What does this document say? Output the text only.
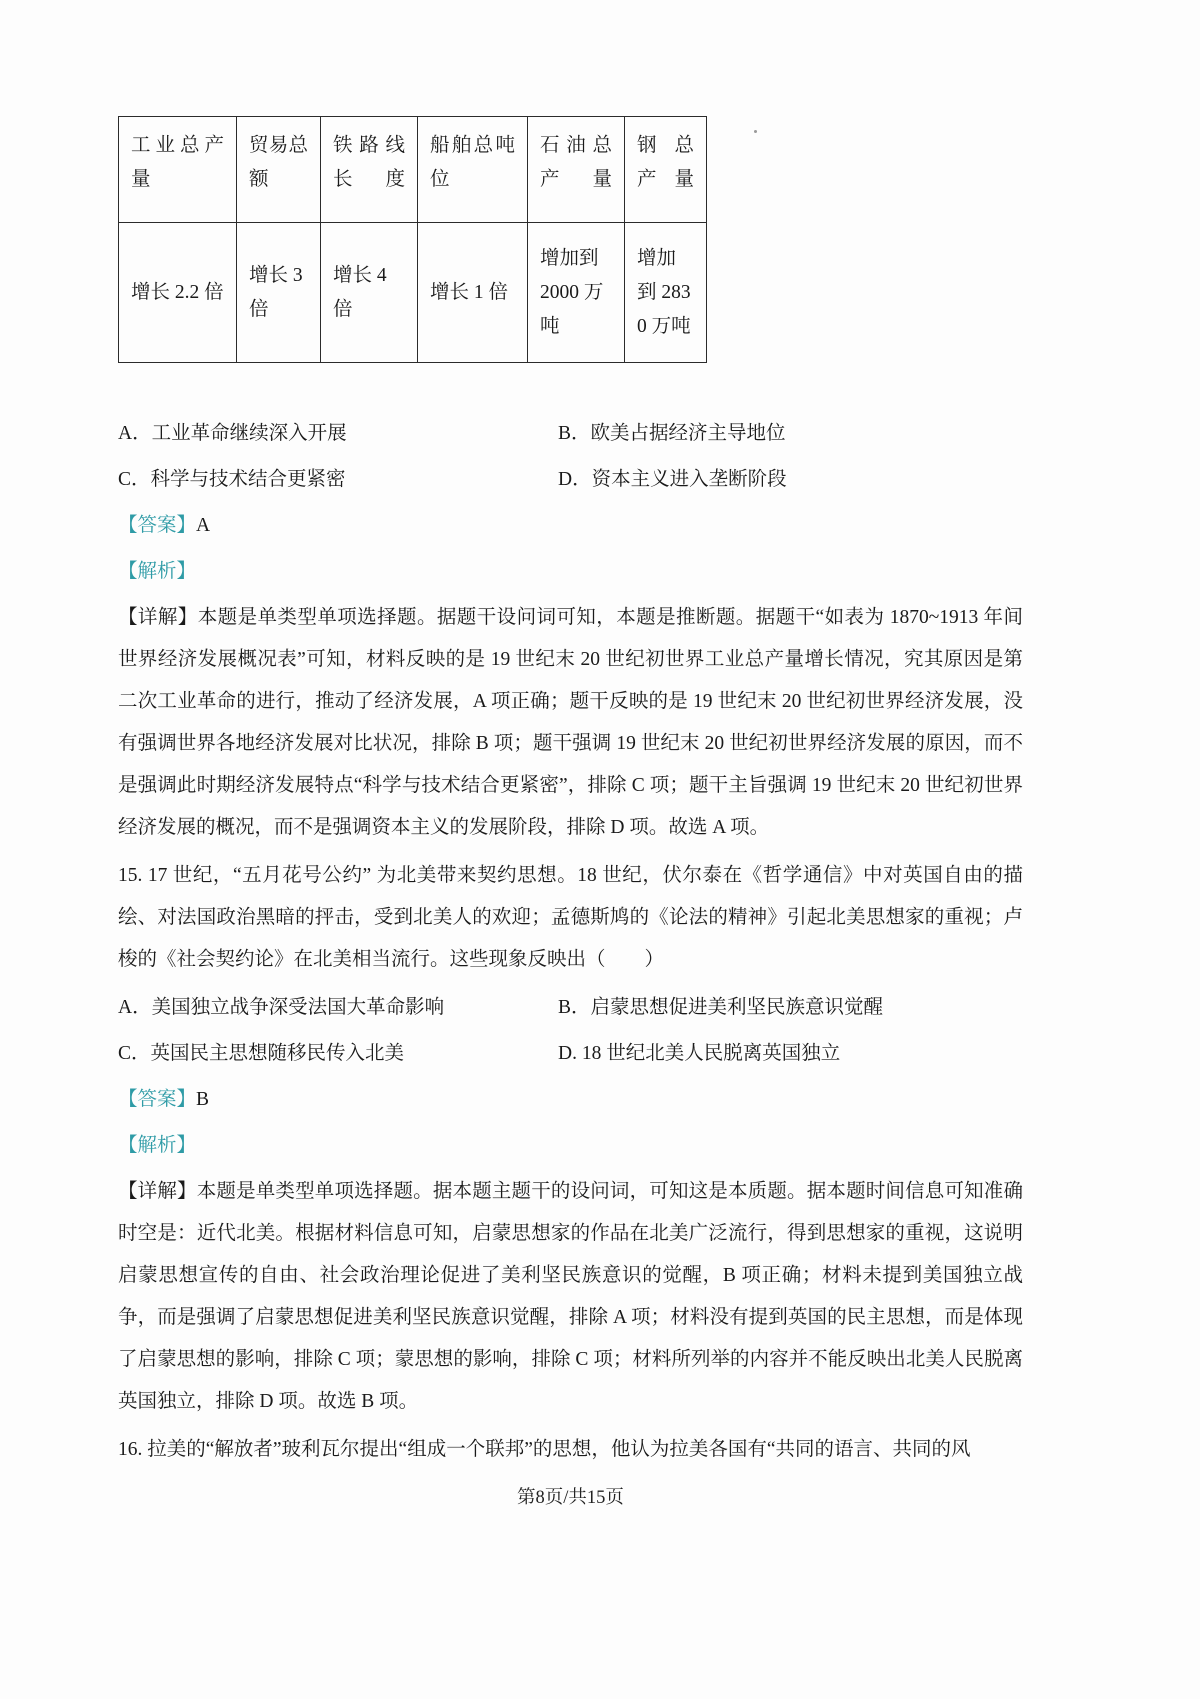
工业总产量	贸易总额	铁路线长度	船舶总吨位	石油总产量	钢总产量
增长 2.2 倍	增长 3 倍	增长 4 倍	增长 1 倍	增加到 2000 万吨	增加到 2830 万吨
A．工业革命继续深入开展	B．欧美占据经济主导地位
C．科学与技术结合更紧密	D．资本主义进入垄断阶段
【答案】A
【解析】

【详解】本题是单类型单项选择题。据题干设问词可知，本题是推断题。据题干“如表为 1870~1913 年间世界经济发展概况表”可知，材料反映的是 19 世纪末 20 世纪初世界工业总产量增长情况，究其原因是第二次工业革命的进行，推动了经济发展，A 项正确；题干反映的是 19 世纪末 20 世纪初世界经济发展，没有强调世界各地经济发展对比状况，排除 B 项；题干强调 19 世纪末 20 世纪初世界经济发展的原因，而不是强调此时期经济发展特点“科学与技术结合更紧密”，排除 C 项；题干主旨强调 19 世纪末 20 世纪初世界经济发展的概况，而不是强调资本主义的发展阶段，排除 D 项。故选 A 项。

15. 17 世纪，“五月花号公约” 为北美带来契约思想。18 世纪，伏尔泰在《哲学通信》中对英国自由的描绘、对法国政治黑暗的抨击，受到北美人的欢迎；孟德斯鸠的《论法的精神》引起北美思想家的重视；卢梭的《社会契约论》在北美相当流行。这些现象反映出（　　）

A．美国独立战争深受法国大革命影响	B．启蒙思想促进美利坚民族意识觉醒
C．英国民主思想随移民传入北美	D. 18 世纪北美人民脱离英国独立
【答案】B
【解析】

【详解】本题是单类型单项选择题。据本题主题干的设问词，可知这是本质题。据本题时间信息可知准确时空是：近代北美。根据材料信息可知，启蒙思想家的作品在北美广泛流行，得到思想家的重视，这说明启蒙思想宣传的自由、社会政治理论促进了美利坚民族意识的觉醒，B 项正确；材料未提到美国独立战争，而是强调了启蒙思想促进美利坚民族意识觉醒，排除 A 项；材料没有提到英国的民主思想，而是体现了启蒙思想的影响，排除 C 项；蒙思想的影响，排除 C 项；材料所列举的内容并不能反映出北美人民脱离英国独立，排除 D 项。故选 B 项。

16. 拉美的“解放者”玻利瓦尔提出“组成一个联邦”的思想，他认为拉美各国有“共同的语言、共同的风

第8页/共15页
